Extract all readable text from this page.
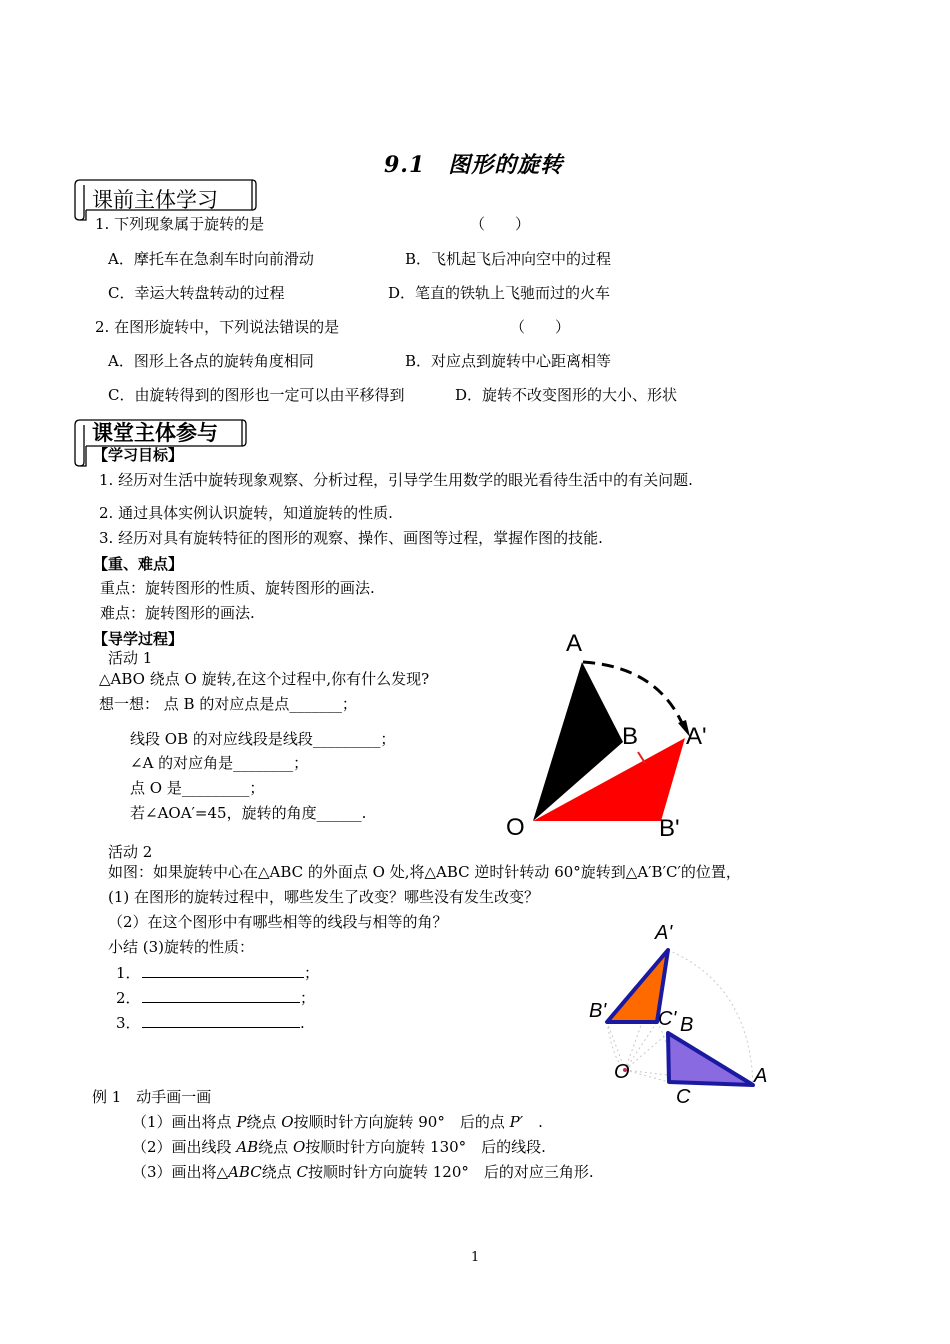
9.1　图形的旋转
课前主体学习
1. 下列现象属于旋转的是	（　　）
A．摩托车在急刹车时向前滑动	B．飞机起飞后冲向空中的过程
C．幸运大转盘转动的过程	D．笔直的铁轨上飞驰而过的火车
2. 在图形旋转中，下列说法错误的是	（　　）
A．图形上各点的旋转角度相同	B．对应点到旋转中心距离相等
C．由旋转得到的图形也一定可以由平移得到	D．旋转不改变图形的大小、形状
课堂主体参与
【学习目标】
1. 经历对生活中旋转现象观察、分析过程，引导学生用数学的眼光看待生活中的有关问题.
2. 通过具体实例认识旋转，知道旋转的性质.
3. 经历对具有旋转特征的图形的观察、操作、画图等过程，掌握作图的技能.
【重、难点】
重点：旋转图形的性质、旋转图形的画法.
难点：旋转图形的画法.
【导学过程】
活动 1
△ABO 绕点 O 旋转,在这个过程中,你有什么发现?
想一想： 点 B 的对应点是点_______；
线段 OB 的对应线段是线段_________；
∠A 的对应角是________；
点 O 是_________；
若∠AOA′=45，旋转的角度______.
A
B A'
O	B'
活动 2
如图：如果旋转中心在△ABC 的外面点 O 处,将△ABC 逆时针转动 60°旋转到△A′B′C′的位置，
(1) 在图形的旋转过程中，哪些发生了改变？哪些没有发生改变？
（2）在这个图形中有哪些相等的线段与相等的角？
小结 (3)旋转的性质：
1．	；
2．	；
3．	.
A'
B'	C' B
O	A
C
例 1　动手画一画
（1）画出将点 P绕点 O按顺时针方向旋转 90°　后的点 P′　.
（2）画出线段 AB绕点 O按顺时针方向旋转 130°　后的线段.
（3）画出将△ABC绕点 C按顺时针方向旋转 120°　后的对应三角形.
1
